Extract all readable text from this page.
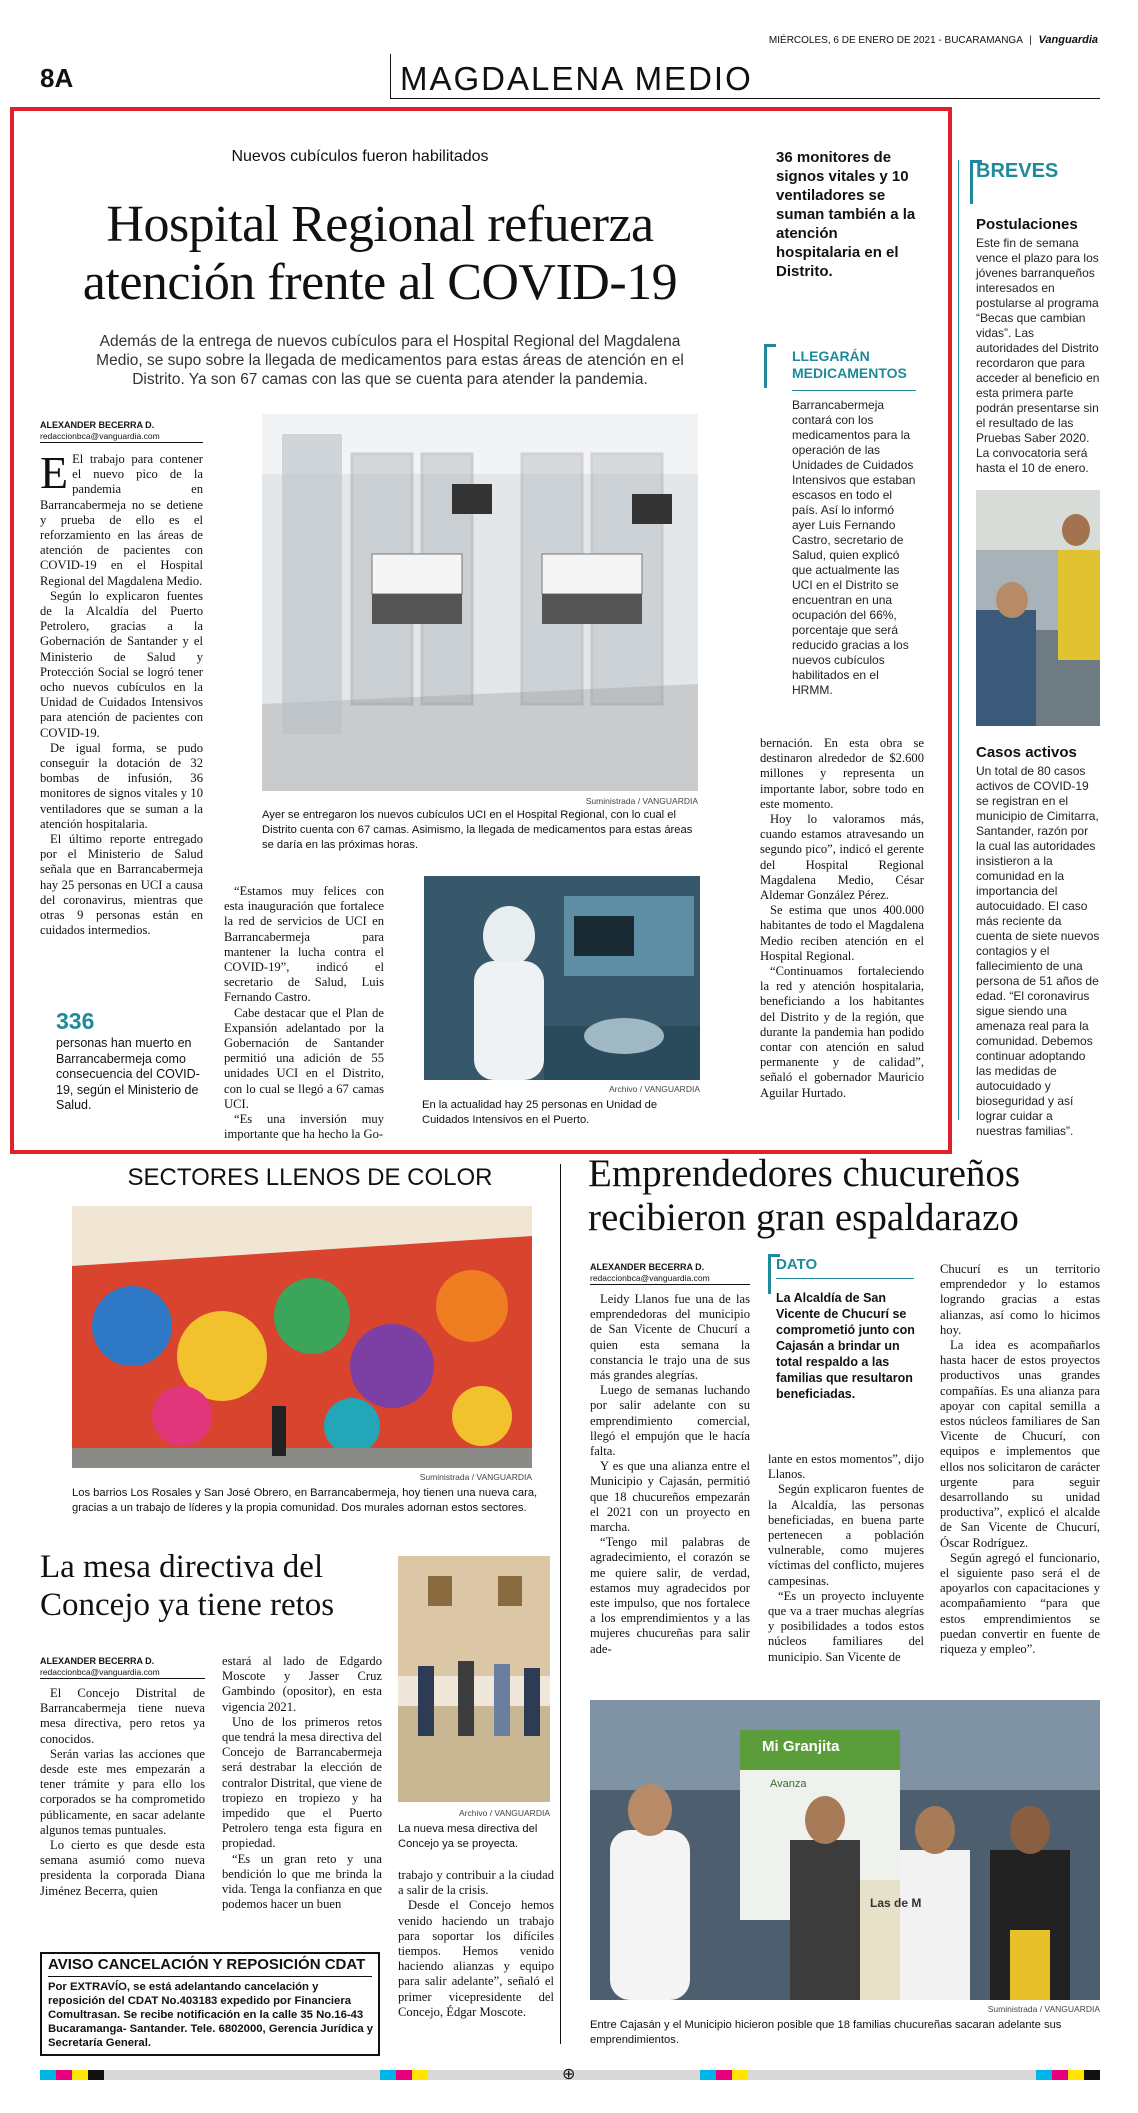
8A	MAGDALENA MEDIO
MIÉRCOLES, 6 DE ENERO DE 2021 - BUCARAMANGA | Vanguardia
Nuevos cubículos fueron habilitados
Hospital Regional refuerza
atención frente al COVID-19
Además de la entrega de nuevos cubículos para el Hospital Regional del Magdalena Medio, se supo sobre la llegada de medicamentos para estas áreas de atención en el Distrito. Ya son 67 camas con las que se cuenta para atender la pandemia.
ALEXANDER BECERRA D.
redaccionbca@vanguardia.com

E El trabajo para contener el nuevo pico de la pandemia en Barrancabermeja no se detiene y prueba de ello es el reforzamiento en las áreas de atención de pacientes con COVID-19 en el Hospital Regional del Magdalena Medio.

Según lo explicaron fuentes de la Alcaldía del Puerto Petrolero, gracias a la Gobernación de Santander y el Ministerio de Salud y Protección Social se logró tener ocho nuevos cubículos en la Unidad de Cuidados Intensivos para atención de pacientes con COVID-19.

De igual forma, se pudo conseguir la dotación de 32 bombas de infusión, 36 monitores de signos vitales y 10 ventiladores que se suman a la atención hospitalaria.

El último reporte entregado por el Ministerio de Salud señala que en Barrancabermeja hay 25 personas en UCI a causa del coronavirus, mientras que otras 9 personas están en cuidados intermedios.

336
personas han muerto en Barrancabermeja como consecuencia del COVID-19, según el Ministerio de Salud.
Suministrada / VANGUARDIA
Ayer se entregaron los nuevos cubículos UCI en el Hospital Regional, con lo cual el Distrito cuenta con 67 camas. Asimismo, la llegada de medicamentos para estas áreas se daría en las próximas horas.

“Estamos muy felices con esta inauguración que fortalece la red de servicios de UCI en Barrancabermeja para mantener la lucha contra el COVID-19”, indicó el secretario de Salud, Luis Fernando Castro.

Cabe destacar que el Plan de Expansión adelantado por la Gobernación de Santander permitió una adición de 55 unidades UCI en el Distrito, con lo cual se llegó a 67 camas UCI.

“Es una inversión muy importante que ha hecho la Go-

Archivo / VANGUARDIA
En la actualidad hay 25 personas en Unidad de Cuidados Intensivos en el Puerto.
36 monitores de signos vitales y 10 ventiladores se suman también a la atención hospitalaria en el Distrito.
LLEGARÁN MEDICAMENTOS
Barrancabermeja contará con los medicamentos para la operación de las Unidades de Cuidados Intensivos que estaban escasos en todo el país. Así lo informó ayer Luis Fernando Castro, secretario de Salud, quien explicó que actualmente las UCI en el Distrito se encuentran en una ocupación del 66%, porcentaje que será reducido gracias a los nuevos cubículos habilitados en el HRMM.

bernación. En esta obra se destinaron alrededor de $2.600 millones y representa un importante labor, sobre todo en este momento.

Hoy lo valoramos más, cuando estamos atravesando un segundo pico”, indicó el gerente del Hospital Regional Magdalena Medio, César Aldemar González Pérez.

Se estima que unos 400.000 habitantes de todo el Magdalena Medio reciben atención en el Hospital Regional.

“Continuamos fortaleciendo la red y atención hospitalaria, beneficiando a los habitantes del Distrito y de la región, que durante la pandemia han podido contar con atención en salud permanente y de calidad”, señaló el gobernador Mauricio Aguilar Hurtado.

BREVES
Postulaciones
Este fin de semana vence el plazo para los jóvenes barranqueños interesados en postularse al programa “Becas que cambian vidas”. Las autoridades del Distrito recordaron que para acceder al beneficio en esta primera parte podrán presentarse sin el resultado de las Pruebas Saber 2020. La convocatoria será hasta el 10 de enero.
Casos activos
Un total de 80 casos activos de COVID-19 se registran en el municipio de Cimitarra, Santander, razón por la cual las autoridades insistieron a la comunidad en la importancia del autocuidado. El caso más reciente da cuenta de siete nuevos contagios y el fallecimiento de una persona de 51 años de edad. “El coronavirus sigue siendo una amenaza real para la comunidad. Debemos continuar adoptando las medidas de autocuidado y bioseguridad y así lograr cuidar a nuestras familias”.
SECTORES LLENOS DE COLOR
Suministrada / VANGUARDIA
Los barrios Los Rosales y San José Obrero, en Barrancabermeja, hoy tienen una nueva cara, gracias a un trabajo de líderes y la propia comunidad. Dos murales adornan estos sectores.
La mesa directiva del
Concejo ya tiene retos
ALEXANDER BECERRA D.
redaccionbca@vanguardia.com

El Concejo Distrital de Barrancabermeja tiene nueva mesa directiva, pero retos ya conocidos.

Serán varias las acciones que desde este mes empezarán a tener trámite y para ello los corporados se ha comprometido públicamente, en sacar adelante algunos temas puntuales.

Lo cierto es que desde esta semana asumió como nueva presidenta la corporada Diana Jiménez Becerra, quien

estará al lado de Edgardo Moscote y Jasser Cruz Gambindo (opositor), en esta vigencia 2021.

Uno de los primeros retos que tendrá la mesa directiva del Concejo de Barrancabermeja será destrabar la elección de contralor Distrital, que viene de tropiezo en tropiezo y ha impedido que el Puerto Petrolero tenga esta figura en propiedad.

“Es un gran reto y una bendición lo que me brinda la vida. Tenga la confianza en que podemos hacer un buen

Archivo / VANGUARDIA
La nueva mesa directiva del Concejo ya se proyecta.

trabajo y contribuir a la ciudad a salir de la crisis.

Desde el Concejo hemos venido haciendo un trabajo para soportar los difíciles tiempos. Hemos venido haciendo alianzas y equipo para salir adelante”, señaló el primer vicepresidente del Concejo, Édgar Moscote.

AVISO CANCELACIÓN Y REPOSICIÓN CDAT
Por EXTRAVÍO, se está adelantando cancelación y reposición del CDAT No.403183 expedido por Financiera Comultrasan. Se recibe notificación en la calle 35 No.16-43 Bucaramanga- Santander. Tele. 6802000, Gerencia Jurídica y Secretaría General.
Emprendedores chucureños
recibieron gran espaldarazo
ALEXANDER BECERRA D.
redaccionbca@vanguardia.com

Leidy Llanos fue una de las emprendedoras del municipio de San Vicente de Chucurí a quien esta semana la constancia le trajo una de sus más grandes alegrías.

Luego de semanas luchando por salir adelante con su emprendimiento comercial, llegó el empujón que le hacía falta.

Y es que una alianza entre el Municipio y Cajasán, permitió que 18 chucureños empezarán el 2021 con un proyecto en marcha.

“Tengo mil palabras de agradecimiento, el corazón se me quiere salir, de verdad, estamos muy agradecidos por este impulso, que nos fortalece a los emprendimientos y a las mujeres chucureñas para salir ade-

DATO
La Alcaldía de San Vicente de Chucurí se comprometió junto con Cajasán a brindar un total respaldo a las familias que resultaron beneficiadas.

lante en estos momentos”, dijo Llanos.

Según explicaron fuentes de la Alcaldía, las personas beneficiadas, en buena parte pertenecen a población vulnerable, como mujeres víctimas del conflicto, mujeres campesinas.

“Es un proyecto incluyente que va a traer muchas alegrías y posibilidades a todos estos núcleos familiares del municipio. San Vicente de

Chucurí es un territorio emprendedor y lo estamos logrando gracias a estas alianzas, así como lo hicimos hoy.

La idea es acompañarlos hasta hacer de estos proyectos productivos unas grandes compañías. Es una alianza para apoyar con capital semilla a estos núcleos familiares de San Vicente de Chucurí, con equipos e implementos que ellos nos solicitaron de carácter urgente para seguir desarrollando su unidad productiva”, explicó el alcalde de San Vicente de Chucurí, Óscar Rodríguez.

Según agregó el funcionario, el siguiente paso será el de apoyarlos con capacitaciones y acompañamiento “para que estos emprendimientos se puedan convertir en fuente de riqueza y empleo”.

Mi Granjita
Avanza
Las de M
Suministrada / VANGUARDIA
Entre Cajasán y el Municipio hicieron posible que 18 familias chucureñas sacaran adelante sus emprendimientos.
⊕
